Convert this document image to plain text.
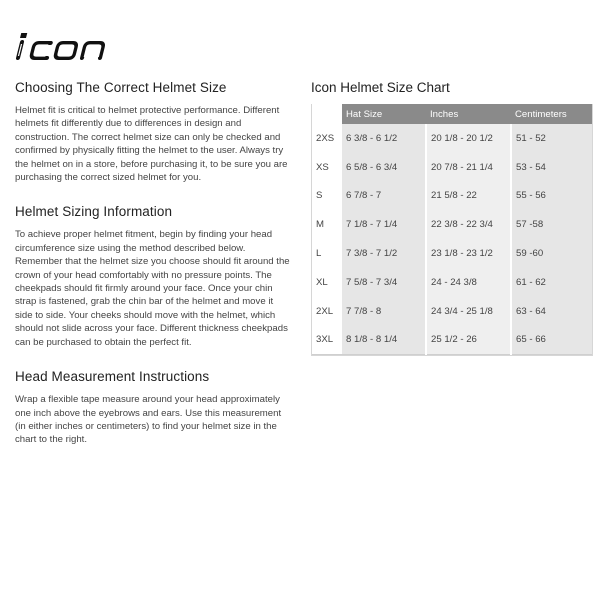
Choosing The Correct Helmet Size

Helmet fit is critical to helmet protective performance. Different helmets fit differently due to differences in design and construction. The correct helmet size can only be checked and confirmed by physically fitting the helmet to the user. Always try the helmet on in a store, before purchasing it, to be sure you are purchasing the correct sized helmet for you.

Helmet Sizing Information

To achieve proper helmet fitment, begin by finding your head circumference size using the method described below. Remember that the helmet size you choose should fit around the crown of your head comfortably with no pressure points. The cheekpads should fit firmly around your face. Once your chin strap is fastened, grab the chin bar of the helmet and move it side to side. Your cheeks should move with the helmet, which should not slide across your face. Different thickness cheekpads can be purchased to obtain the perfect fit.

Head Measurement Instructions

Wrap a flexible tape measure around your head approximately one inch above the eyebrows and ears. Use this measurement (in either inches or centimeters) to find your helmet size in the chart to the right.

Icon Helmet Size Chart
	Hat Size	Inches	Centimeters
2XS	6 3/8 - 6 1/2	20 1/8 - 20 1/2	51 - 52
XS	6 5/8 - 6 3/4	20 7/8 - 21 1/4	53 - 54
S	6 7/8 - 7	21 5/8 - 22	55 - 56
M	7 1/8 - 7 1/4	22 3/8 - 22 3/4	57 -58
L	7 3/8 - 7 1/2	23 1/8 - 23 1/2	59 -60
XL	7 5/8 - 7 3/4	24 - 24 3/8	61 - 62
2XL	7 7/8 - 8	24 3/4 - 25 1/8	63 - 64
3XL	8 1/8 - 8 1/4	25 1/2 - 26	65 - 66
